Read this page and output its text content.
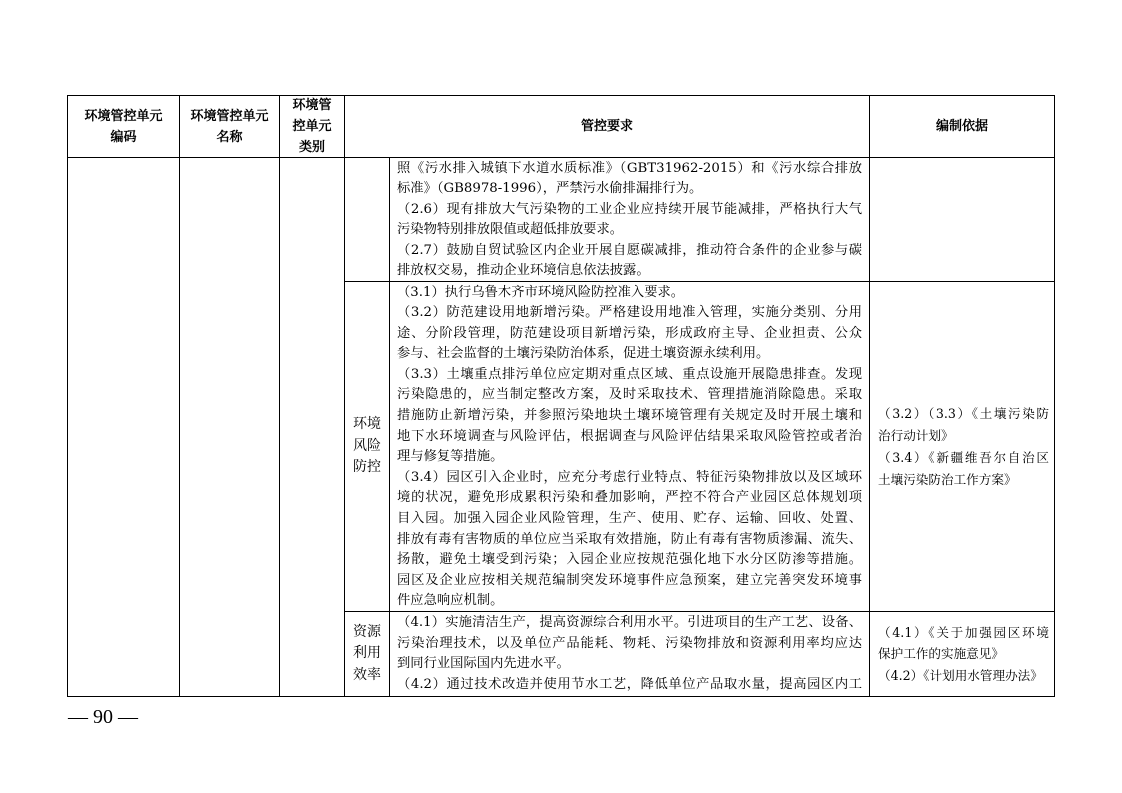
环境管控单元编码
环境管控单元名称
环境管控单元类别
管控要求	编制依据
照《污水排入城镇下水道水质标准》（GBT31962-2015）和《污水综合排放
标准》（GB8978-1996），严禁污水偷排漏排行为。
（2.6）现有排放大气污染物的工业企业应持续开展节能减排，严格执行大气
污染物特别排放限值或超低排放要求。
（2.7）鼓励自贸试验区内企业开展自愿碳减排，推动符合条件的企业参与碳
排放权交易，推动企业环境信息依法披露。
环境风险防控
（3.1）执行乌鲁木齐市环境风险防控准入要求。
（3.2）防范建设用地新增污染。严格建设用地准入管理，实施分类别、分用
途、分阶段管理，防范建设项目新增污染，形成政府主导、企业担责、公众
参与、社会监督的土壤污染防治体系，促进土壤资源永续利用。
（3.3）土壤重点排污单位应定期对重点区域、重点设施开展隐患排查。发现
污染隐患的，应当制定整改方案，及时采取技术、管理措施消除隐患。采取
措施防止新增污染，并参照污染地块土壤环境管理有关规定及时开展土壤和
地下水环境调查与风险评估，根据调查与风险评估结果采取风险管控或者治
理与修复等措施。
（3.4）园区引入企业时，应充分考虑行业特点、特征污染物排放以及区域环
境的状况，避免形成累积污染和叠加影响，严控不符合产业园区总体规划项
目入园。加强入园企业风险管理，生产、使用、贮存、运输、回收、处置、
排放有毒有害物质的单位应当采取有效措施，防止有毒有害物质渗漏、流失、
扬散，避免土壤受到污染；入园企业应按规范强化地下水分区防渗等措施。
园区及企业应按相关规范编制突发环境事件应急预案，建立完善突发环境事
件应急响应机制。
（3.2）（3.3）《土壤污染防
治行动计划》
（3.4）《新疆维吾尔自治区
土壤污染防治工作方案》
资源利用效率
（4.1）实施清洁生产，提高资源综合利用水平。引进项目的生产工艺、设备、
污染治理技术，以及单位产品能耗、物耗、污染物排放和资源利用率均应达
到同行业国际国内先进水平。
（4.2）通过技术改造并使用节水工艺，降低单位产品取水量，提高园区内工
（4.1）《关于加强园区环境
保护工作的实施意见》
（4.2）《计划用水管理办法》
— 90 —
